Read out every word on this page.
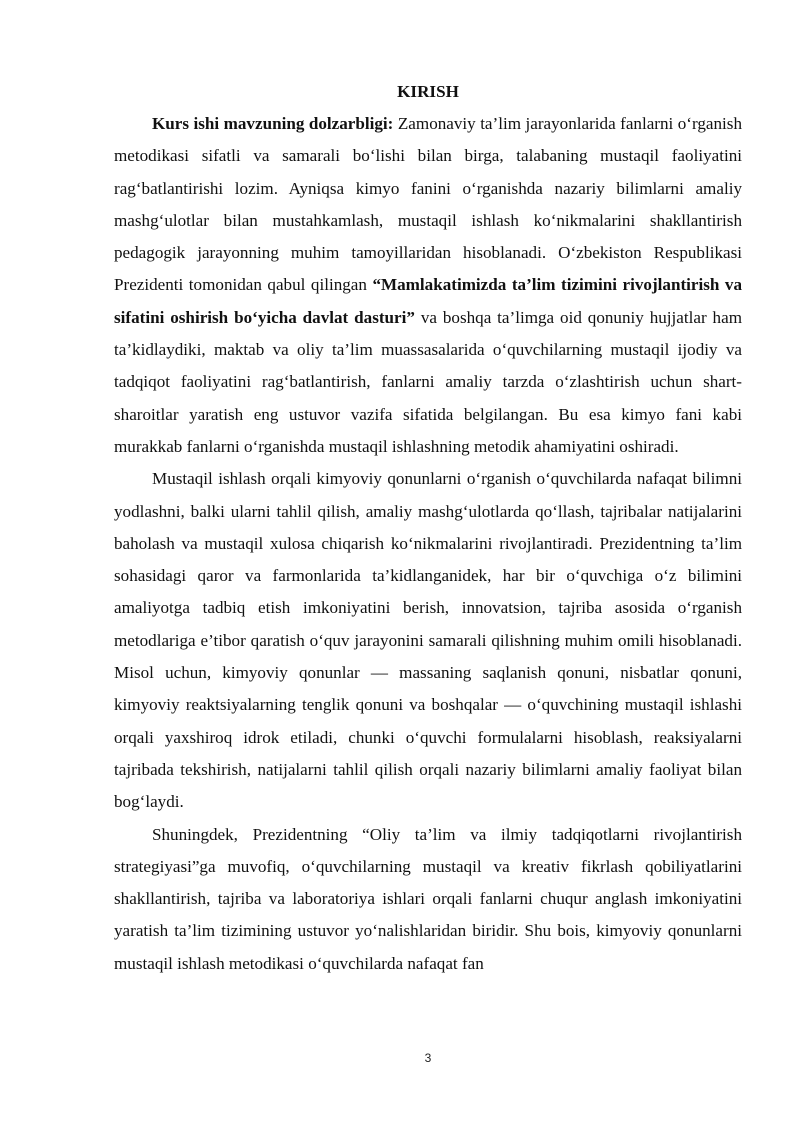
KIRISH

Kurs ishi mavzuning dolzarbligi: Zamonaviy ta’lim jarayonlarida fanlarni o‘rganish metodikasi sifatli va samarali bo‘lishi bilan birga, talabaning mustaqil faoliyatini rag‘batlantirishi lozim. Ayniqsa kimyo fanini o‘rganishda nazariy bilimlarni amaliy mashg‘ulotlar bilan mustahkamlash, mustaqil ishlash ko‘nikmalarini shakllantirish pedagogik jarayonning muhim tamoyillaridan hisoblanadi. O‘zbekiston Respublikasi Prezidenti tomonidan qabul qilingan “Mamlakatimizda ta’lim tizimini rivojlantirish va sifatini oshirish bo‘yicha davlat dasturi” va boshqa ta’limga oid qonuniy hujjatlar ham ta’kidlaydiki, maktab va oliy ta’lim muassasalarida o‘quvchilarning mustaqil ijodiy va tadqiqot faoliyatini rag‘batlantirish, fanlarni amaliy tarzda o‘zlashtirish uchun shart-sharoitlar yaratish eng ustuvor vazifa sifatida belgilangan. Bu esa kimyo fani kabi murakkab fanlarni o‘rganishda mustaqil ishlashning metodik ahamiyatini oshiradi.

Mustaqil ishlash orqali kimyoviy qonunlarni o‘rganish o‘quvchilarda nafaqat bilimni yodlashni, balki ularni tahlil qilish, amaliy mashg‘ulotlarda qo‘llash, tajribalar natijalarini baholash va mustaqil xulosa chiqarish ko‘nikmalarini rivojlantiradi. Prezidentning ta’lim sohasidagi qaror va farmonlarida ta’kidlanganidek, har bir o‘quvchiga o‘z bilimini amaliyotga tadbiq etish imkoniyatini berish, innovatsion, tajriba asosida o‘rganish metodlariga e’tibor qaratish o‘quv jarayonini samarali qilishning muhim omili hisoblanadi. Misol uchun, kimyoviy qonunlar — massaning saqlanish qonuni, nisbatlar qonuni, kimyoviy reaktsiyalarning tenglik qonuni va boshqalar — o‘quvchining mustaqil ishlashi orqali yaxshiroq idrok etiladi, chunki o‘quvchi formulalarni hisoblash, reaksiyalarni tajribada tekshirish, natijalarni tahlil qilish orqali nazariy bilimlarni amaliy faoliyat bilan bog‘laydi.

Shuningdek, Prezidentning “Oliy ta’lim va ilmiy tadqiqotlarni rivojlantirish strategiyasi”ga muvofiq, o‘quvchilarning mustaqil va kreativ fikrlash qobiliyatlarini shakllantirish, tajriba va laboratoriya ishlari orqali fanlarni chuqur anglash imkoniyatini yaratish ta’lim tizimining ustuvor yo‘nalishlaridan biridir. Shu bois, kimyoviy qonunlarni mustaqil ishlash metodikasi o‘quvchilarda nafaqat fan

3
